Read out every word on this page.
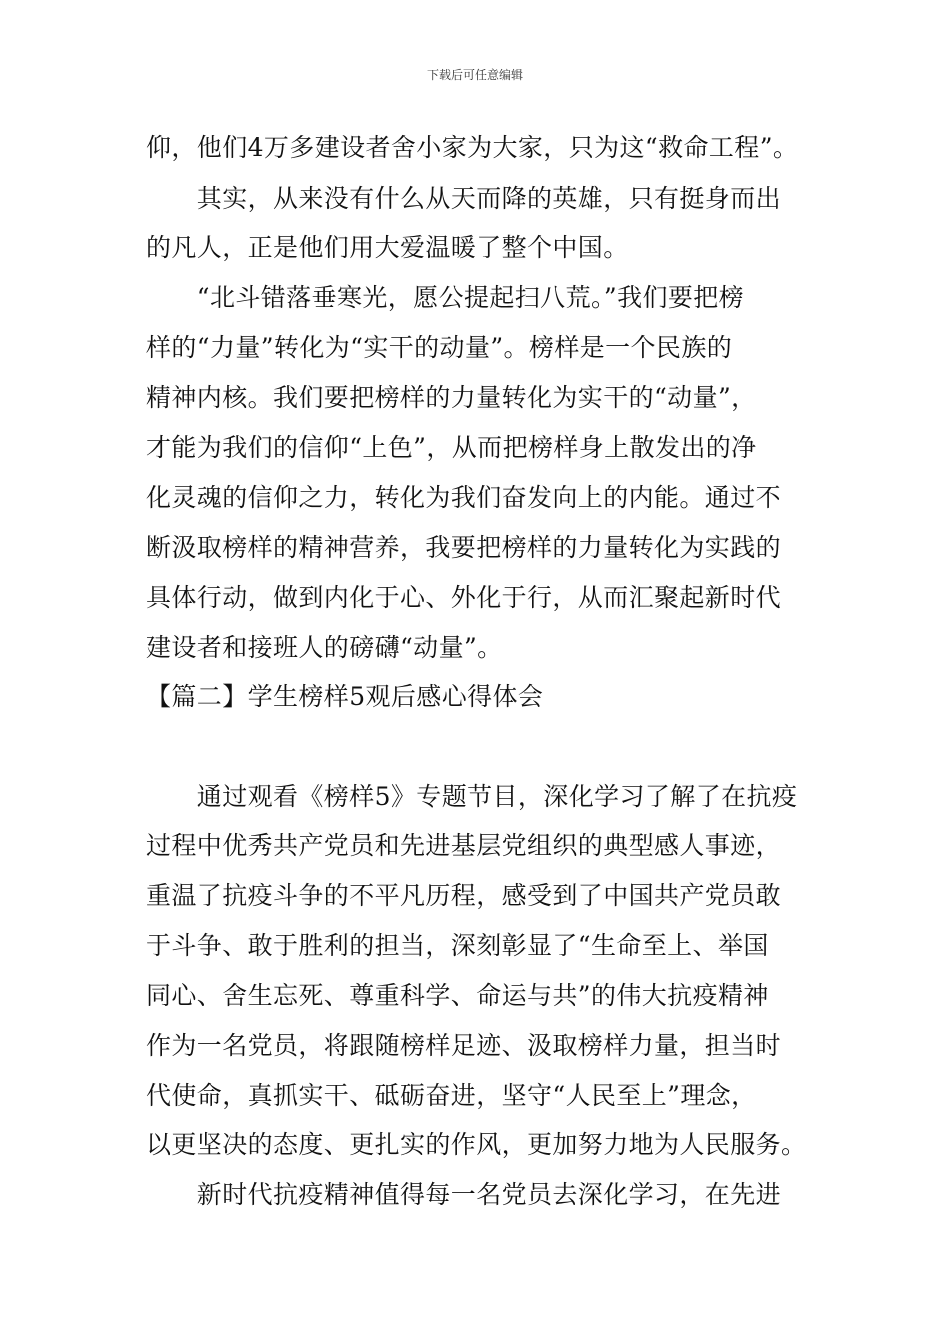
下载后可任意编辑
仰，他们4万多建设者舍小家为大家，只为这“救命工程”。
　　其实，从来没有什么从天而降的英雄，只有挺身而出
的凡人，正是他们用大爱温暖了整个中国。
　　“北斗错落垂寒光，愿公提起扫八荒。”我们要把榜
样的“力量”转化为“实干的动量”。榜样是一个民族的
精神内核。我们要把榜样的力量转化为实干的“动量”，
才能为我们的信仰“上色”，从而把榜样身上散发出的净
化灵魂的信仰之力，转化为我们奋发向上的内能。通过不
断汲取榜样的精神营养，我要把榜样的力量转化为实践的
具体行动，做到内化于心、外化于行，从而汇聚起新时代
建设者和接班人的磅礴“动量”。
【篇二】学生榜样5观后感心得体会
　　通过观看《榜样5》专题节目，深化学习了解了在抗疫
过程中优秀共产党员和先进基层党组织的典型感人事迹，
重温了抗疫斗争的不平凡历程，感受到了中国共产党员敢
于斗争、敢于胜利的担当，深刻彰显了“生命至上、举国
同心、舍生忘死、尊重科学、命运与共”的伟大抗疫精神
作为一名党员，将跟随榜样足迹、汲取榜样力量，担当时
代使命，真抓实干、砥砺奋进，坚守“人民至上”理念，
以更坚决的态度、更扎实的作风，更加努力地为人民服务。
　　新时代抗疫精神值得每一名党员去深化学习，在先进
